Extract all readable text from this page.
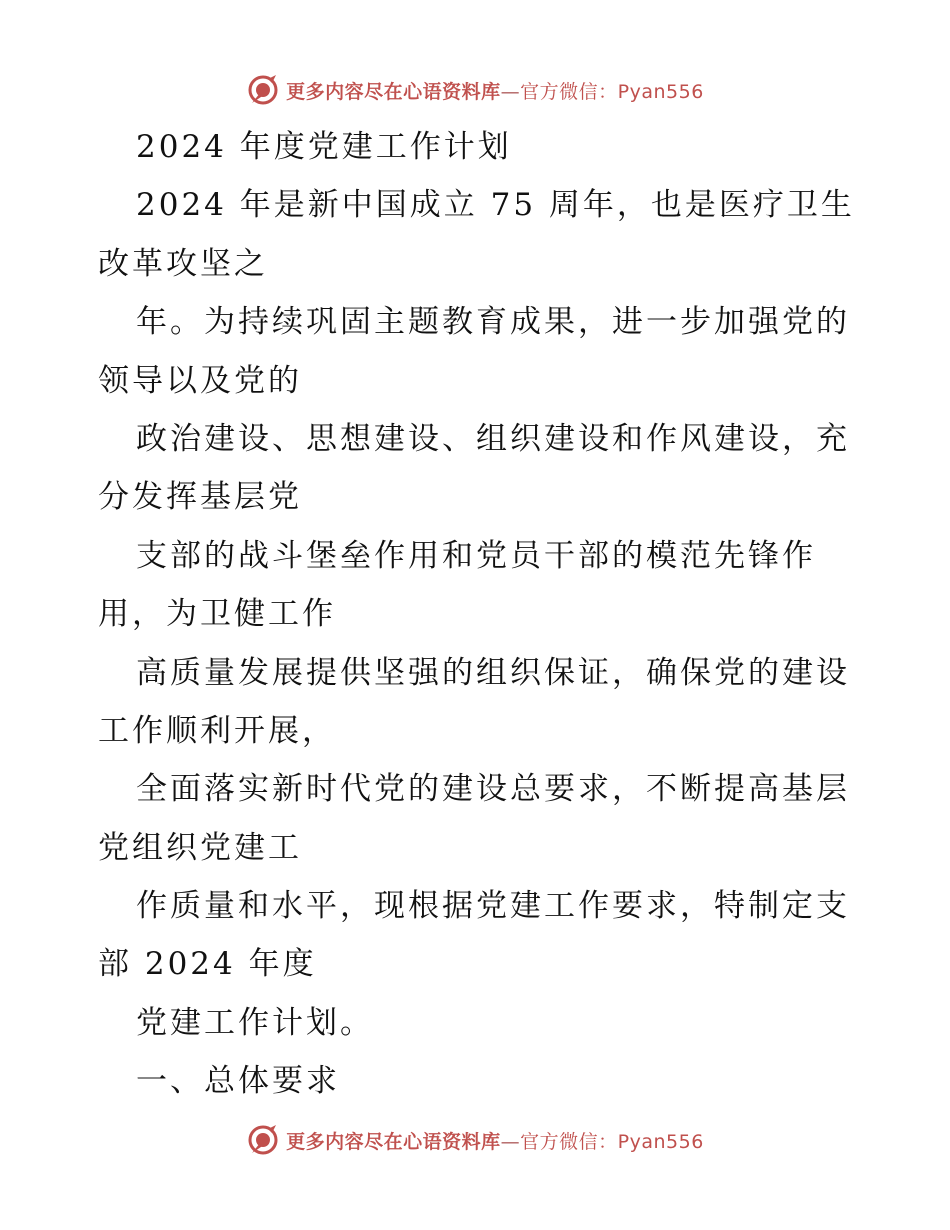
更多内容尽在心语资料库—官方微信：Pyan556
2024 年度党建工作计划
2024 年是新中国成立 75 周年，也是医疗卫生
改革攻坚之
年。为持续巩固主题教育成果，进一步加强党的
领导以及党的
政治建设、思想建设、组织建设和作风建设，充
分发挥基层党
支部的战斗堡垒作用和党员干部的模范先锋作
用，为卫健工作
高质量发展提供坚强的组织保证，确保党的建设
工作顺利开展，
全面落实新时代党的建设总要求，不断提高基层
党组织党建工
作质量和水平，现根据党建工作要求，特制定支
部 2024 年度
党建工作计划。
一、总体要求
更多内容尽在心语资料库—官方微信：Pyan556
